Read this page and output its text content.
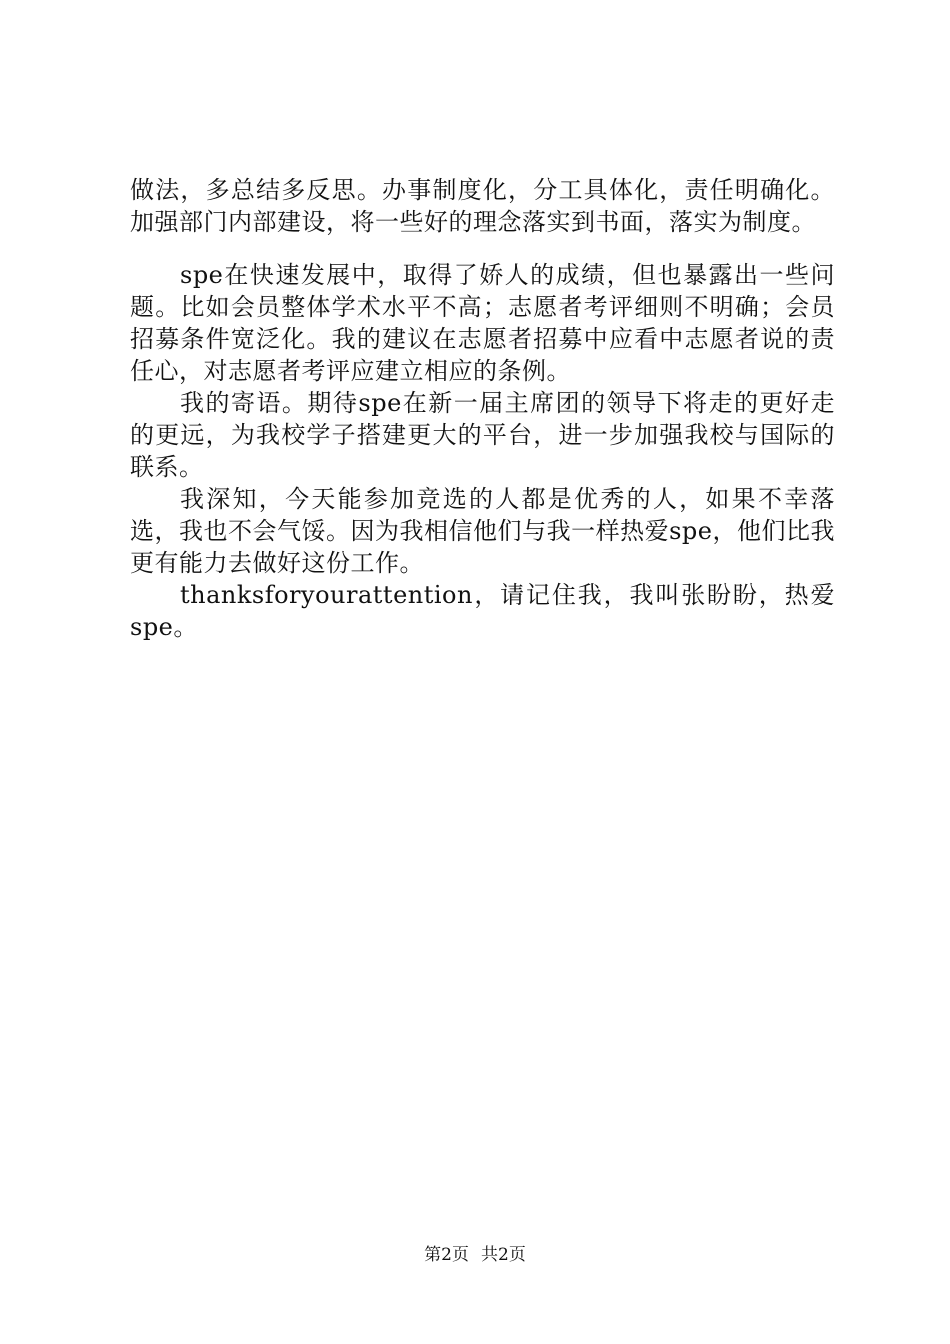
做法，多总结多反思。办事制度化，分工具体化，责任明确化。加强部门内部建设，将一些好的理念落实到书面，落实为制度。

spe在快速发展中，取得了娇人的成绩，但也暴露出一些问题。比如会员整体学术水平不高；志愿者考评细则不明确；会员招募条件宽泛化。我的建议在志愿者招募中应看中志愿者说的责任心，对志愿者考评应建立相应的条例。

我的寄语。期待spe在新一届主席团的领导下将走的更好走的更远，为我校学子搭建更大的平台，进一步加强我校与国际的联系。

我深知，今天能参加竞选的人都是优秀的人，如果不幸落选，我也不会气馁。因为我相信他们与我一样热爱spe，他们比我更有能力去做好这份工作。

thanksforyourattention，请记住我，我叫张盼盼，热爱spe。

第2页 共2页
